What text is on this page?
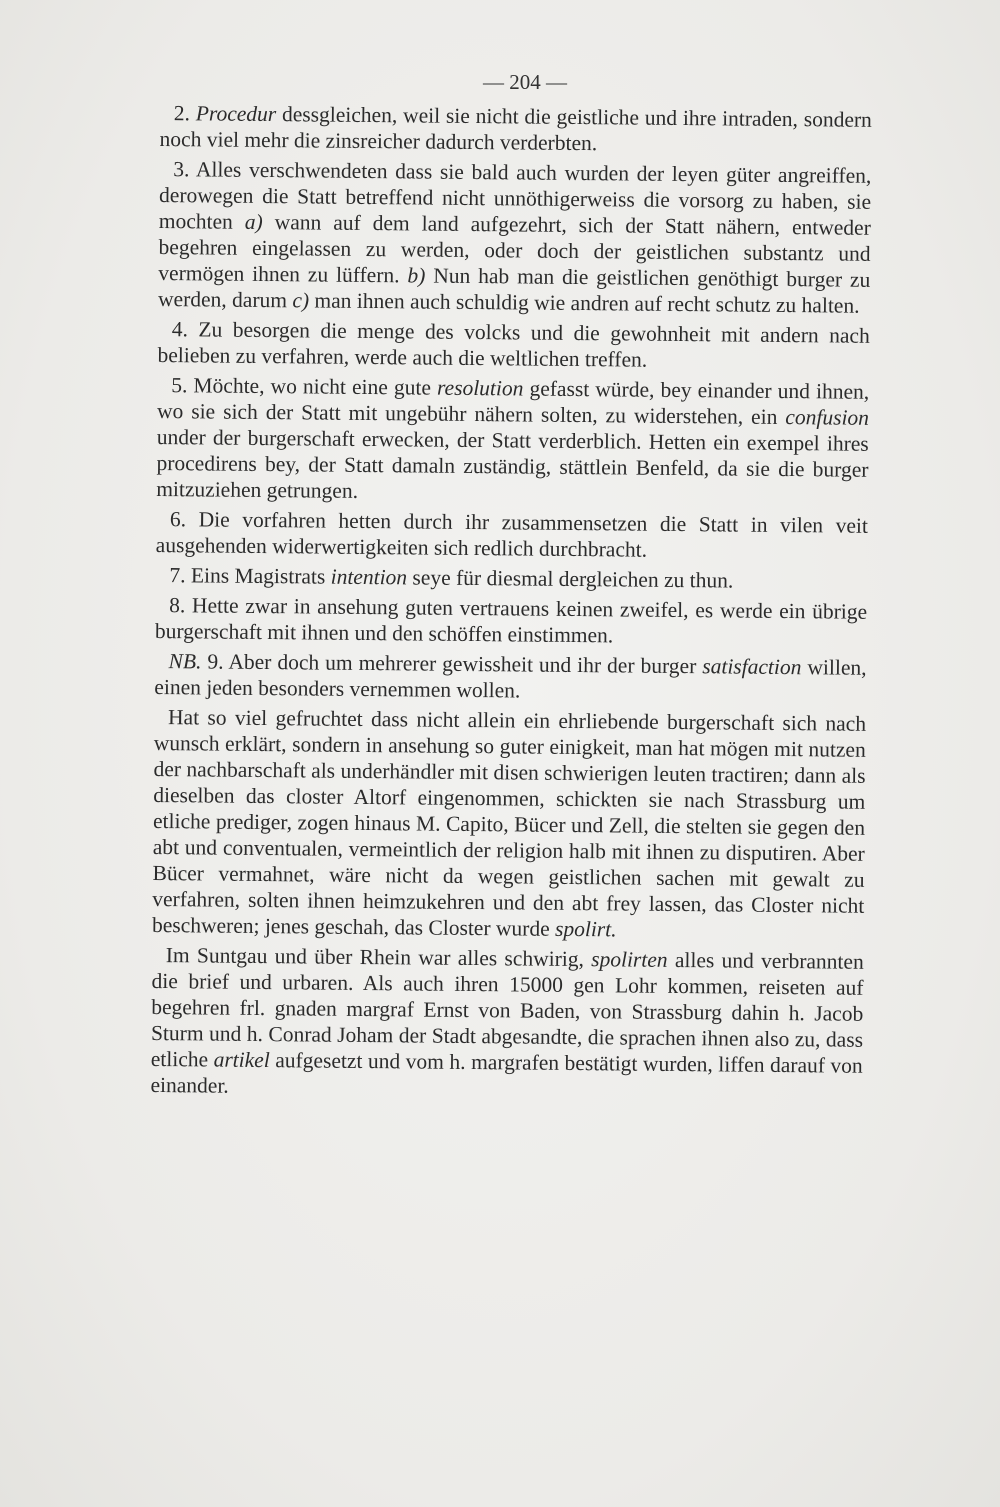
— 204 —

2. Procedur dessgleichen, weil sie nicht die geistliche und ihre intraden, sondern noch viel mehr die zinsreicher dadurch verderbten.

3. Alles verschwendeten dass sie bald auch wurden der leyen güter angreiffen, derowegen die Statt betreffend nicht unnöthigerweiss die vorsorg zu haben, sie mochten a) wann auf dem land aufgezehrt, sich der Statt nähern, entweder begehren eingelassen zu werden, oder doch der geistlichen substantz und vermögen ihnen zu lüffern. b) Nun hab man die geistlichen genöthigt burger zu werden, darum c) man ihnen auch schuldig wie andren auf recht schutz zu halten.

4. Zu besorgen die menge des volcks und die gewohnheit mit andern nach belieben zu verfahren, werde auch die weltlichen treffen.

5. Möchte, wo nicht eine gute resolution gefasst würde, bey einander und ihnen, wo sie sich der Statt mit ungebühr nähern solten, zu widerstehen, ein confusion under der burgerschaft erwecken, der Statt verderblich. Hetten ein exempel ihres procedirens bey, der Statt damaln zuständig, stättlein Benfeld, da sie die burger mitzuziehen getrungen.

6. Die vorfahren hetten durch ihr zusammensetzen die Statt in vilen veit ausgehenden widerwertigkeiten sich redlich durchbracht.

7. Eins Magistrats intention seye für diesmal dergleichen zu thun.

8. Hette zwar in ansehung guten vertrauens keinen zweifel, es werde ein übrige burgerschaft mit ihnen und den schöffen einstimmen.

NB. 9. Aber doch um mehrerer gewissheit und ihr der burger satisfaction willen, einen jeden besonders vernemmen wollen.

Hat so viel gefruchtet dass nicht allein ein ehrliebende burgerschaft sich nach wunsch erklärt, sondern in ansehung so guter einigkeit, man hat mögen mit nutzen der nachbarschaft als underhändler mit disen schwierigen leuten tractiren; dann als dieselben das closter Altorf eingenommen, schickten sie nach Strassburg um etliche prediger, zogen hinaus M. Capito, Bücer und Zell, die stelten sie gegen den abt und conventualen, vermeintlich der religion halb mit ihnen zu disputiren. Aber Bücer vermahnet, wäre nicht da wegen geistlichen sachen mit gewalt zu verfahren, solten ihnen heimzukehren und den abt frey lassen, das Closter nicht beschweren; jenes geschah, das Closter wurde spolirt.

Im Suntgau und über Rhein war alles schwirig, spolirten alles und verbrannten die brief und urbaren. Als auch ihren 15000 gen Lohr kommen, reiseten auf begehren frl. gnaden margraf Ernst von Baden, von Strassburg dahin h. Jacob Sturm und h. Conrad Joham der Stadt abgesandte, die sprachen ihnen also zu, dass etliche artikel aufgesetzt und vom h. margrafen bestätigt wurden, liffen darauf von einander.
